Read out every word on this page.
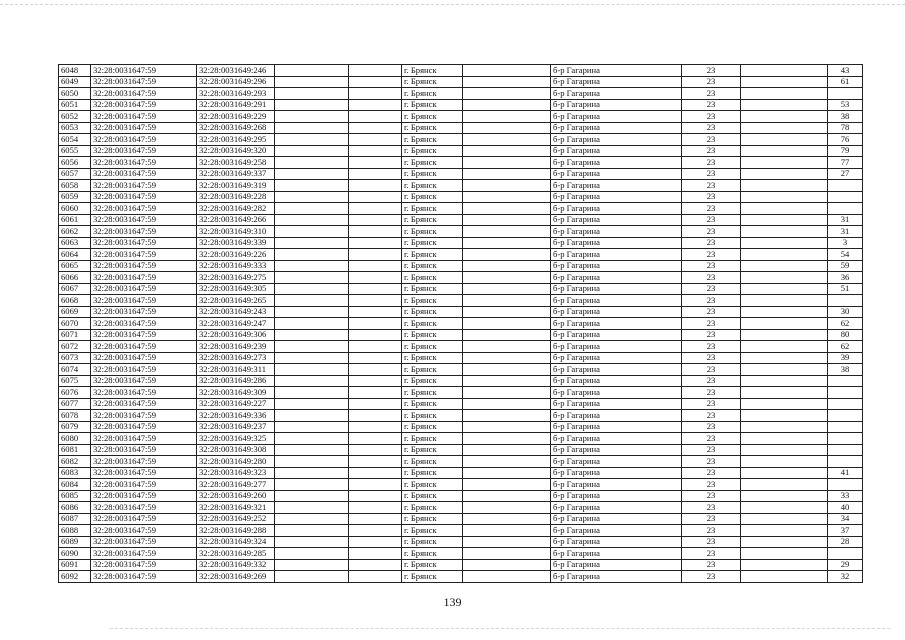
6048	32:28:0031647:59	32:28:0031649:246			г. Брянск		б-р Гагарина	23		43
6049	32:28:0031647:59	32:28:0031649:296			г. Брянск		б-р Гагарина	23		61
6050	32:28:0031647:59	32:28:0031649:293			г. Брянск		б-р Гагарина	23		
6051	32:28:0031647:59	32:28:0031649:291			г. Брянск		б-р Гагарина	23		53
6052	32:28:0031647:59	32:28:0031649:229			г. Брянск		б-р Гагарина	23		38
6053	32:28:0031647:59	32:28:0031649:268			г. Брянск		б-р Гагарина	23		78
6054	32:28:0031647:59	32:28:0031649:295			г. Брянск		б-р Гагарина	23		76
6055	32:28:0031647:59	32:28:0031649:320			г. Брянск		б-р Гагарина	23		79
6056	32:28:0031647:59	32:28:0031649:258			г. Брянск		б-р Гагарина	23		77
6057	32:28:0031647:59	32:28:0031649:337			г. Брянск		б-р Гагарина	23		27
6058	32:28:0031647:59	32:28:0031649:319			г. Брянск		б-р Гагарина	23		
6059	32:28:0031647:59	32:28:0031649:228			г. Брянск		б-р Гагарина	23		
6060	32:28:0031647:59	32:28:0031649:282			г. Брянск		б-р Гагарина	23		
6061	32:28:0031647:59	32:28:0031649:266			г. Брянск		б-р Гагарина	23		31
6062	32:28:0031647:59	32:28:0031649:310			г. Брянск		б-р Гагарина	23		31
6063	32:28:0031647:59	32:28:0031649:339			г. Брянск		б-р Гагарина	23		3
6064	32:28:0031647:59	32:28:0031649:226			г. Брянск		б-р Гагарина	23		54
6065	32:28:0031647:59	32:28:0031649:333			г. Брянск		б-р Гагарина	23		59
6066	32:28:0031647:59	32:28:0031649:275			г. Брянск		б-р Гагарина	23		36
6067	32:28:0031647:59	32:28:0031649:305			г. Брянск		б-р Гагарина	23		51
6068	32:28:0031647:59	32:28:0031649:265			г. Брянск		б-р Гагарина	23		
6069	32:28:0031647:59	32:28:0031649:243			г. Брянск		б-р Гагарина	23		30
6070	32:28:0031647:59	32:28:0031649:247			г. Брянск		б-р Гагарина	23		62
6071	32:28:0031647:59	32:28:0031649:306			г. Брянск		б-р Гагарина	23		80
6072	32:28:0031647:59	32:28:0031649:239			г. Брянск		б-р Гагарина	23		62
6073	32:28:0031647:59	32:28:0031649:273			г. Брянск		б-р Гагарина	23		39
6074	32:28:0031647:59	32:28:0031649:311			г. Брянск		б-р Гагарина	23		38
6075	32:28:0031647:59	32:28:0031649:286			г. Брянск		б-р Гагарина	23		
6076	32:28:0031647:59	32:28:0031649:309			г. Брянск		б-р Гагарина	23		
6077	32:28:0031647:59	32:28:0031649:227			г. Брянск		б-р Гагарина	23		
6078	32:28:0031647:59	32:28:0031649:336			г. Брянск		б-р Гагарина	23		
6079	32:28:0031647:59	32:28:0031649:237			г. Брянск		б-р Гагарина	23		
6080	32:28:0031647:59	32:28:0031649:325			г. Брянск		б-р Гагарина	23		
6081	32:28:0031647:59	32:28:0031649:308			г. Брянск		б-р Гагарина	23		
6082	32:28:0031647:59	32:28:0031649:280			г. Брянск		б-р Гагарина	23		
6083	32:28:0031647:59	32:28:0031649:323			г. Брянск		б-р Гагарина	23		41
6084	32:28:0031647:59	32:28:0031649:277			г. Брянск		б-р Гагарина	23		
6085	32:28:0031647:59	32:28:0031649:260			г. Брянск		б-р Гагарина	23		33
6086	32:28:0031647:59	32:28:0031649:321			г. Брянск		б-р Гагарина	23		40
6087	32:28:0031647:59	32:28:0031649:252			г. Брянск		б-р Гагарина	23		34
6088	32:28:0031647:59	32:28:0031649:288			г. Брянск		б-р Гагарина	23		37
6089	32:28:0031647:59	32:28:0031649:324			г. Брянск		б-р Гагарина	23		28
6090	32:28:0031647:59	32:28:0031649:285			г. Брянск		б-р Гагарина	23		
6091	32:28:0031647:59	32:28:0031649:332			г. Брянск		б-р Гагарина	23		29
6092	32:28:0031647:59	32:28:0031649:269			г. Брянск		б-р Гагарина	23		32
139
